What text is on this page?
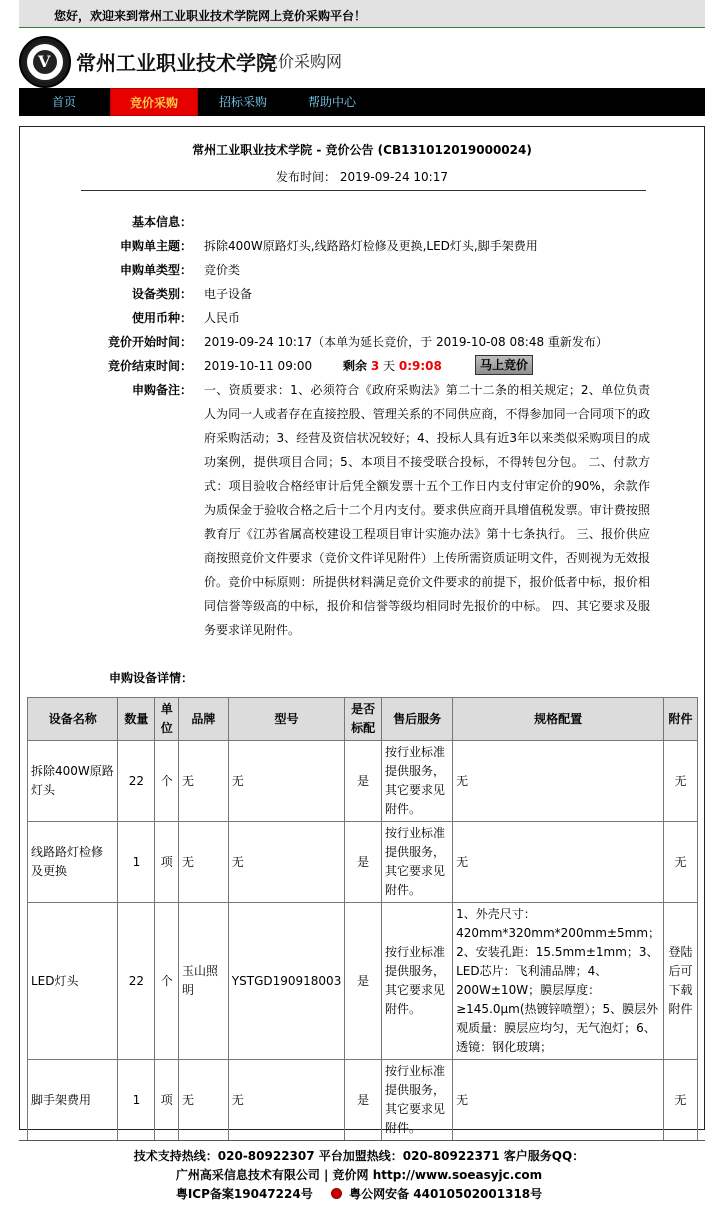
您好，欢迎来到常州工业职业技术学院网上竞价采购平台！
V
常州工业职业技术学院
竞价采购网
首页	竞价采购	招标采购	帮助中心
常州工业职业技术学院 - 竞价公告 (CB131012019000024)
发布时间： 2019-09-24 10:17
基本信息：
申购单主题： 拆除400W原路灯头,线路路灯检修及更换,LED灯头,脚手架费用
申购单类型： 竞价类
设备类别： 电子设备
使用币种： 人民币
竞价开始时间： 2019-09-24 10:17（本单为延长竞价，于 2019-10-08 08:48 重新发布）
竞价结束时间： 2019-10-11 09:00	剩余 3 天 0:9:08	马上竞价
申购备注： 一、资质要求：1、必须符合《政府采购法》第二十二条的相关规定；2、单位负责人为同一人或者存在直接控股、管理关系的不同供应商，不得参加同一合同项下的政府采购活动；3、经营及资信状况较好；4、投标人具有近3年以来类似采购项目的成功案例，提供项目合同；5、本项目不接受联合投标，不得转包分包。 二、付款方式：项目验收合格经审计后凭全额发票十五个工作日内支付审定价的90%，余款作为质保金于验收合格之后十二个月内支付。要求供应商开具增值税发票。审计费按照教育厅《江苏省属高校建设工程项目审计实施办法》第十七条执行。 三、报价供应商按照竞价文件要求（竞价文件详见附件）上传所需资质证明文件，否则视为无效报价。竞价中标原则：所提供材料满足竞价文件要求的前提下，报价低者中标，报价相同信誉等级高的中标，报价和信誉等级均相同时先报价的中标。 四、其它要求及服务要求详见附件。
申购设备详情：
设备名称	数量	单位	品牌	型号	是否标配	售后服务	规格配置	附件
拆除400W原路灯头	22	个	无	无	是	按行业标准提供服务，其它要求见附件。	无	无
线路路灯检修及更换	1	项	无	无	是	按行业标准提供服务，其它要求见附件。	无	无
LED灯头	22	个	玉山照明	YSTGD190918003	是	按行业标准提供服务，其它要求见附件。	1、外壳尺寸：420mm*320mm*200mm±5mm；2、安装孔距：15.5mm±1mm；3、LED芯片：飞利浦品牌；4、200W±10W；膜层厚度：≥145.0μm(热镀锌喷塑）；5、膜层外观质量：膜层应均匀，无气泡灯；6、透镜：钢化玻璃；	登陆后可下载附件
脚手架费用	1	项	无	无	是	按行业标准提供服务，其它要求见附件。	无	无
技术支持热线：020-80922307 平台加盟热线：020-80922371 客户服务QQ：
广州高采信息技术有限公司 | 竞价网 http://www.soeasyjc.com
粤ICP备案19047224号	粤公网安备 44010502001318号
